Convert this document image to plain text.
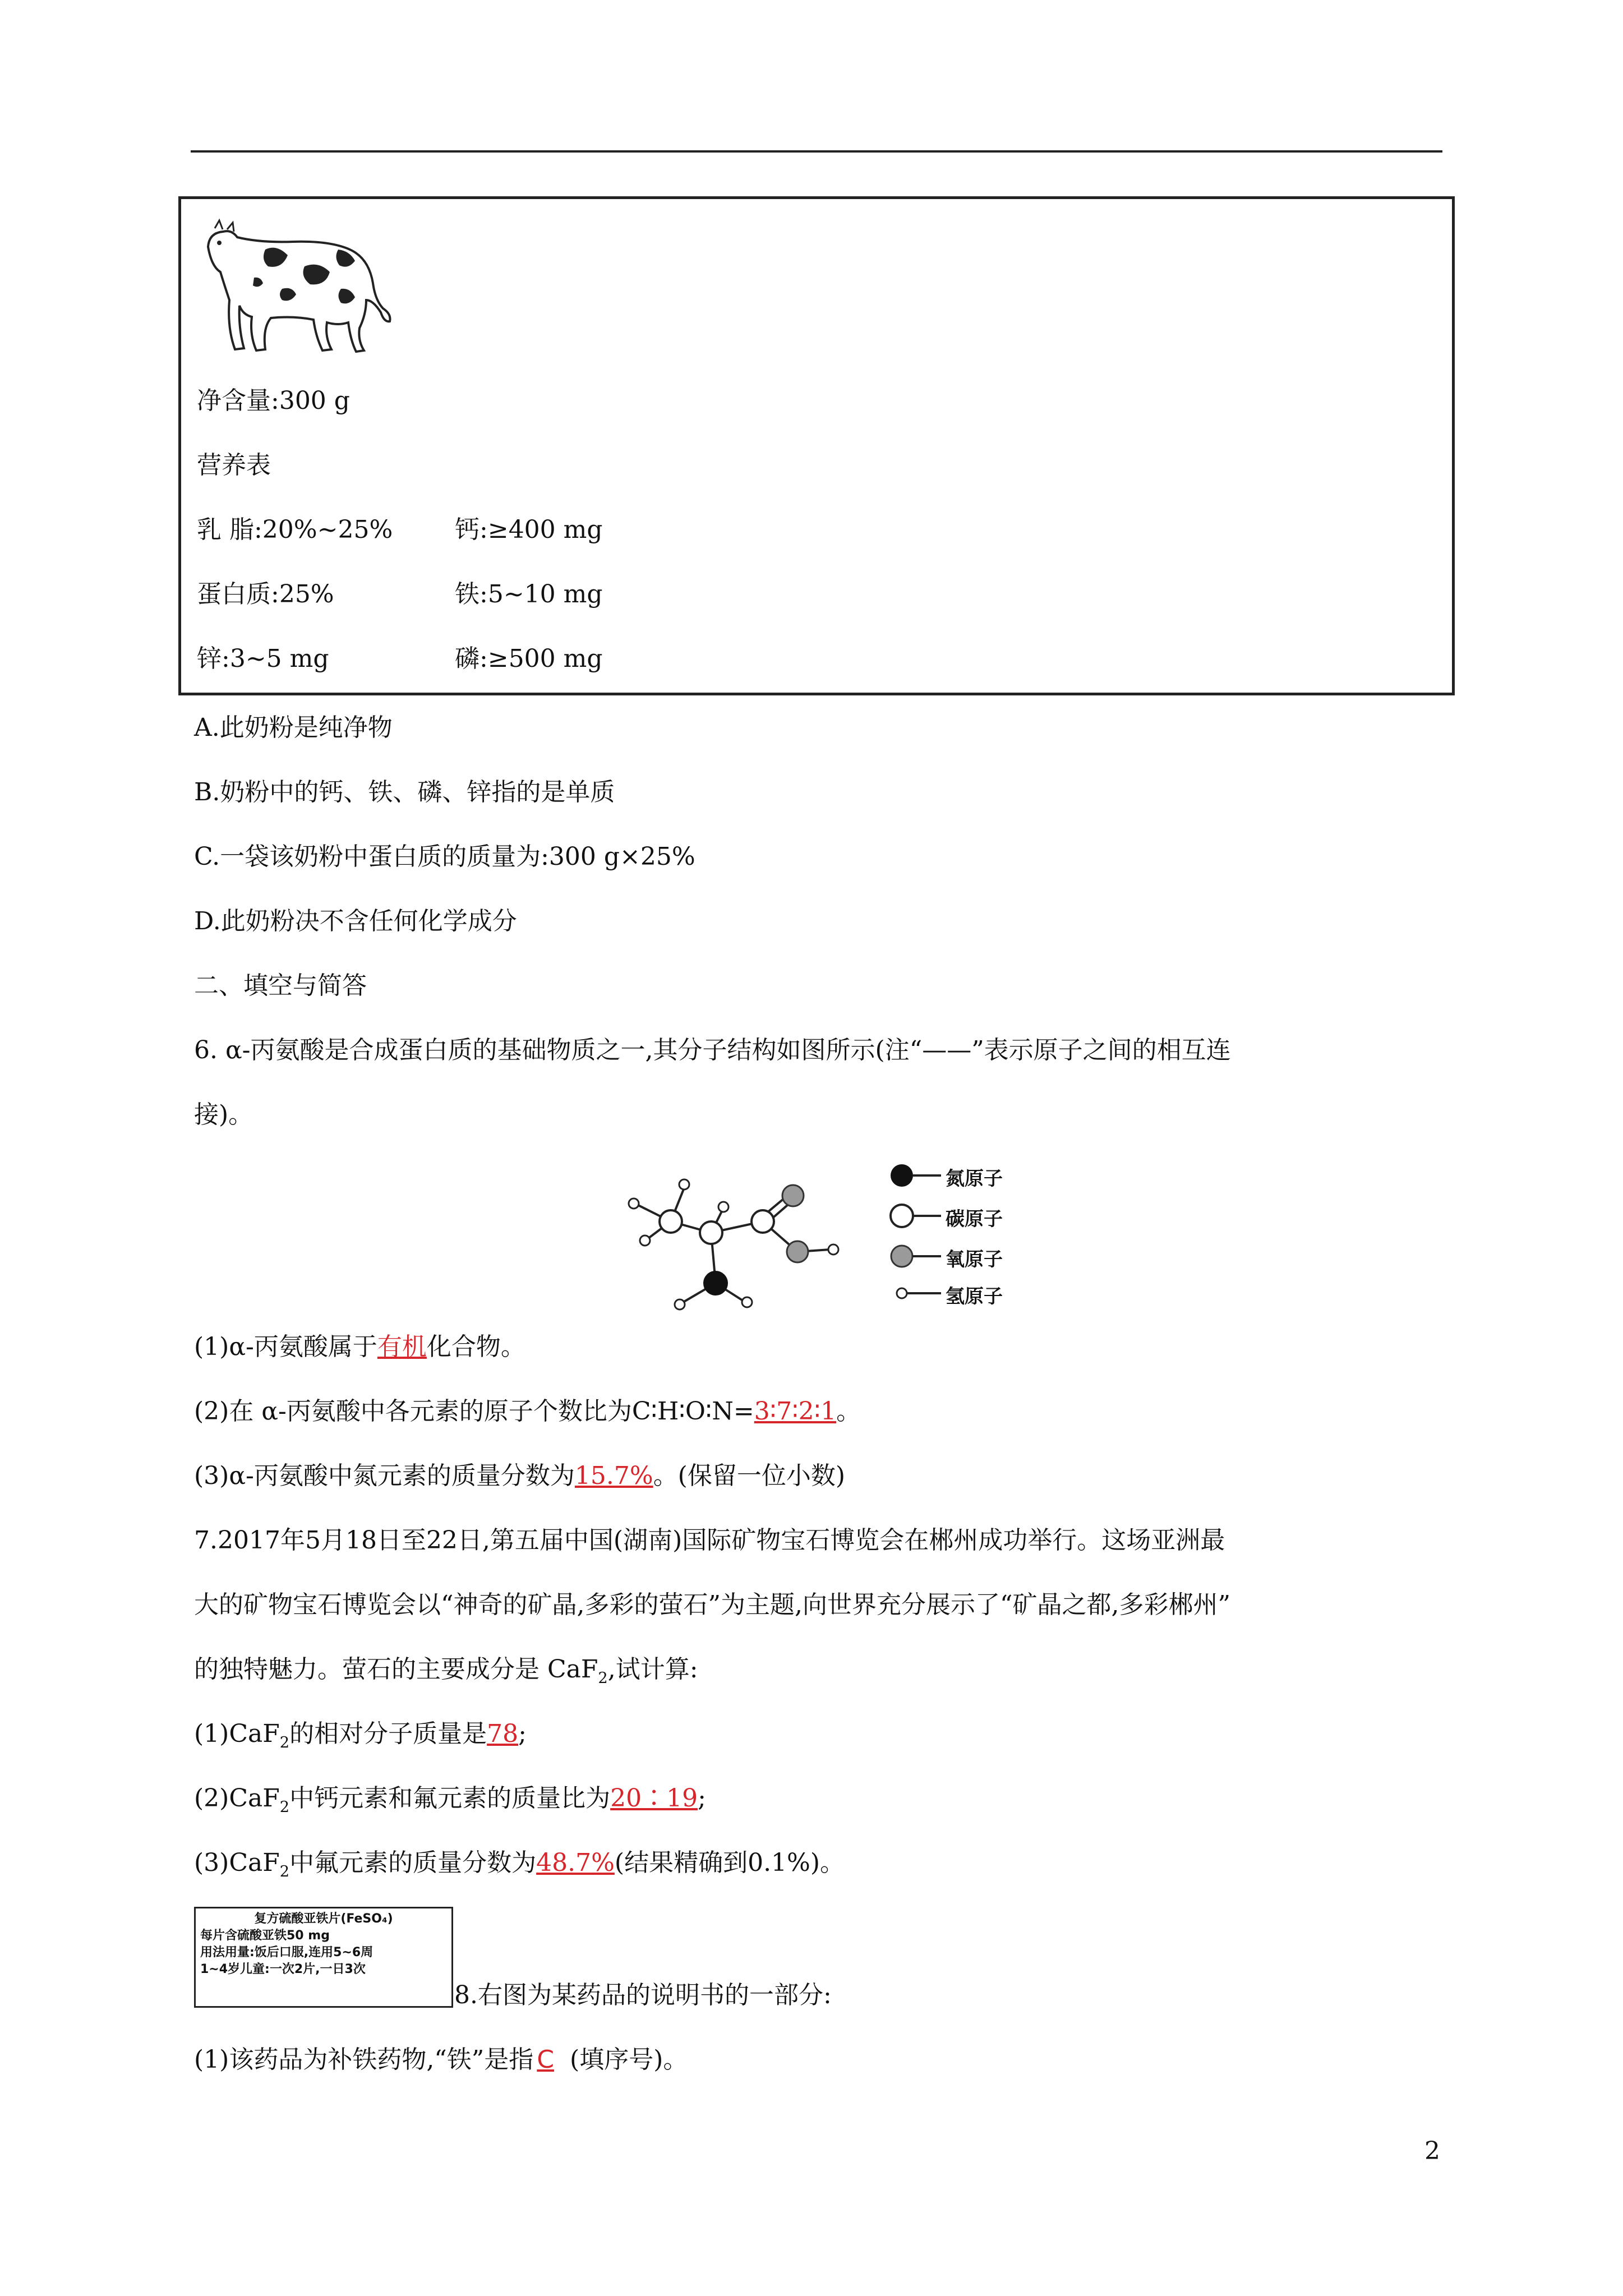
净含量:300 g
营养表
乳 脂:20%~25%	钙:≥400 mg
蛋白质:25%	铁:5~10 mg
锌:3~5 mg	磷:≥500 mg
A.此奶粉是纯净物
B.奶粉中的钙、铁、磷、锌指的是单质
C.一袋该奶粉中蛋白质的质量为:300 g×25%
D.此奶粉决不含任何化学成分
二、填空与简答
6. α-丙氨酸是合成蛋白质的基础物质之一,其分子结构如图所示(注“——”表示原子之间的相互连
接)。
氮原子
碳原子
氧原子
氢原子
(1)α-丙氨酸属于有机化合物。
(2)在 α-丙氨酸中各元素的原子个数比为C∶H∶O∶N=3∶7∶2∶1。
(3)α-丙氨酸中氮元素的质量分数为15.7%。(保留一位小数)
7.2017年5月18日至22日,第五届中国(湖南)国际矿物宝石博览会在郴州成功举行。这场亚洲最
大的矿物宝石博览会以“神奇的矿晶,多彩的萤石”为主题,向世界充分展示了“矿晶之都,多彩郴州”
的独特魅力。萤石的主要成分是 CaF$_2$,试计算:
(1)CaF$_2$的相对分子质量是78;
(2)CaF$_2$中钙元素和氟元素的质量比为20∶19;
(3)CaF$_2$中氟元素的质量分数为48.7%(结果精确到0.1%)。
复方硫酸亚铁片(FeSO₄)
每片含硫酸亚铁50 mg
用法用量:饭后口服,连用5~6周
1~4岁儿童:一次2片,一日3次
8.右图为某药品的说明书的一部分:
(1)该药品为补铁药物,“铁”是指 C (填序号)。
2
